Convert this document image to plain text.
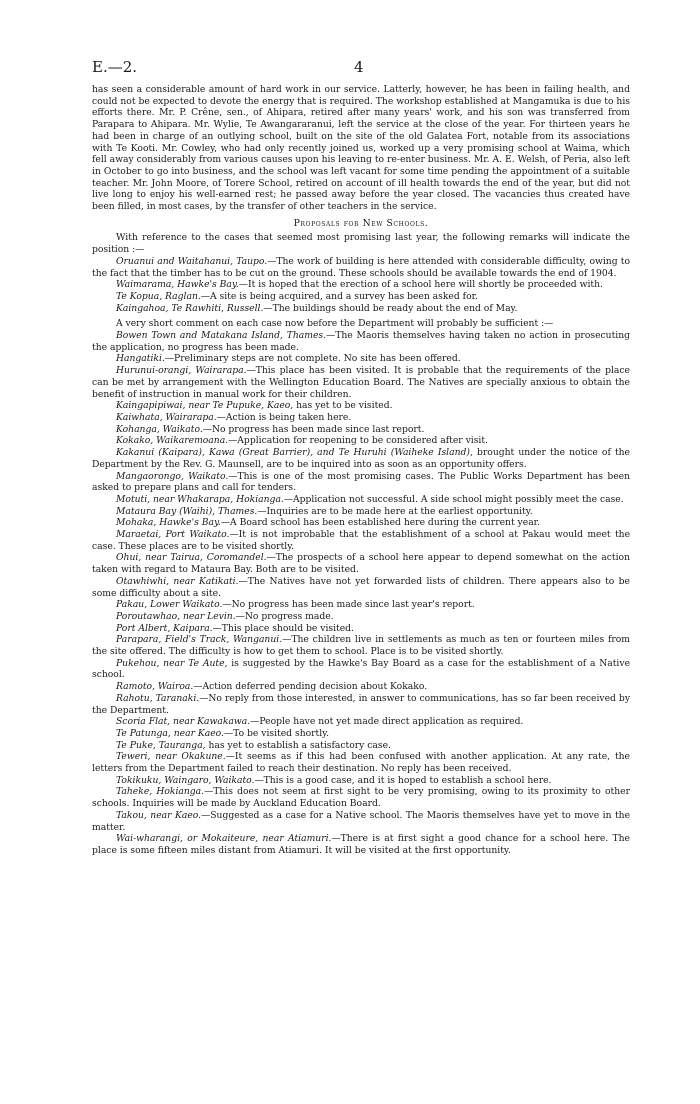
E.—2.	4

has seen a considerable amount of hard work in our service. Latterly, however, he has been in failing health, and could not be expected to devote the energy that is required. The workshop established at Mangamuka is due to his efforts there. Mr. P. Crêne, sen., of Ahipara, retired after many years' work, and his son was transferred from Parapara to Ahipara. Mr. Wylie, Te Awangararanui, left the service at the close of the year. For thirteen years he had been in charge of an outlying school, built on the site of the old Galatea Fort, notable from its associations with Te Kooti. Mr. Cowley, who had only recently joined us, worked up a very promising school at Waima, which fell away considerably from various causes upon his leaving to re-enter business. Mr. A. E. Welsh, of Peria, also left in October to go into business, and the school was left vacant for some time pending the appointment of a suitable teacher. Mr. John Moore, of Torere School, retired on account of ill health towards the end of the year, but did not live long to enjoy his well-earned rest; he passed away before the year closed. The vacancies thus created have been filled, in most cases, by the transfer of other teachers in the service.

Proposals for New Schools.

With reference to the cases that seemed most promising last year, the following remarks will indicate the position :—

Oruanui and Waitahanui, Taupo.—The work of building is here attended with considerable difficulty, owing to the fact that the timber has to be cut on the ground. These schools should be available towards the end of 1904.

Waimarama, Hawke's Bay.—It is hoped that the erection of a school here will shortly be proceeded with.

Te Kopua, Raglan.—A site is being acquired, and a survey has been asked for.

Kaingahoa, Te Rawhiti, Russell.—The buildings should be ready about the end of May.

A very short comment on each case now before the Department will probably be sufficient :—

Bowen Town and Matakana Island, Thames.—The Maoris themselves having taken no action in prosecuting the application, no progress has been made.

Hangatiki.—Preliminary steps are not complete. No site has been offered.

Hurunui-orangi, Wairarapa.—This place has been visited. It is probable that the requirements of the place can be met by arrangement with the Wellington Education Board. The Natives are specially anxious to obtain the benefit of instruction in manual work for their children.

Kaingapipiwai, near Te Pupuke, Kaeo, has yet to be visited.

Kaiwhata, Wairarapa.—Action is being taken here.

Kohanga, Waikato.—No progress has been made since last report.

Kokako, Waikaremoana.—Application for reopening to be considered after visit.

Kakanui (Kaipara), Kawa (Great Barrier), and Te Huruhi (Waiheke Island), brought under the notice of the Department by the Rev. G. Maunsell, are to be inquired into as soon as an opportunity offers.

Mangaorongo, Waikato.—This is one of the most promising cases. The Public Works Department has been asked to prepare plans and call for tenders.

Motuti, near Whakarapa, Hokianga.—Application not successful. A side school might possibly meet the case.

Mataura Bay (Waihi), Thames.—Inquiries are to be made here at the earliest opportunity.

Mohaka, Hawke's Bay.—A Board school has been established here during the current year.

Maraetai, Port Waikato.—It is not improbable that the establishment of a school at Pakau would meet the case. These places are to be visited shortly.

Ohui, near Tairua, Coromandel.—The prospects of a school here appear to depend somewhat on the action taken with regard to Mataura Bay. Both are to be visited.

Otawhiwhi, near Katikati.—The Natives have not yet forwarded lists of children. There appears also to be some difficulty about a site.

Pakau, Lower Waikato.—No progress has been made since last year's report.

Poroutawhao, near Levin.—No progress made.

Port Albert, Kaipara.—This place should be visited.

Parapara, Field's Track, Wanganui.—The children live in settlements as much as ten or fourteen miles from the site offered. The difficulty is how to get them to school. Place is to be visited shortly.

Pukehou, near Te Aute, is suggested by the Hawke's Bay Board as a case for the establishment of a Native school.

Ramoto, Wairoa.—Action deferred pending decision about Kokako.

Rahotu, Taranaki.—No reply from those interested, in answer to communications, has so far been received by the Department.

Scoria Flat, near Kawakawa.—People have not yet made direct application as required.

Te Patunga, near Kaeo.—To be visited shortly.

Te Puke, Tauranga, has yet to establish a satisfactory case.

Teweri, near Okakune.—It seems as if this had been confused with another application. At any rate, the letters from the Department failed to reach their destination. No reply has been received.

Tokikuku, Waingaro, Waikato.—This is a good case, and it is hoped to establish a school here.

Taheke, Hokianga.—This does not seem at first sight to be very promising, owing to its proximity to other schools. Inquiries will be made by Auckland Education Board.

Takou, near Kaeo.—Suggested as a case for a Native school. The Maoris themselves have yet to move in the matter.

Wai-wharangi, or Mokaiteure, near Atiamuri.—There is at first sight a good chance for a school here. The place is some fifteen miles distant from Atiamuri. It will be visited at the first opportunity.
